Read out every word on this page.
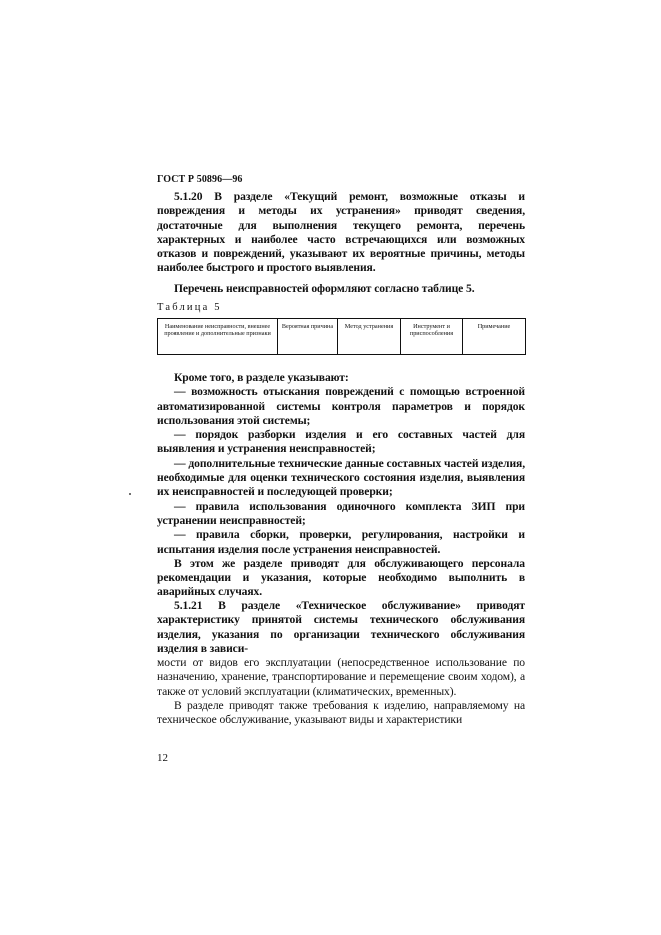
ГОСТ Р 50896—96

5.1.20 В разделе «Текущий ремонт, возможные отказы и повреждения и методы их устранения» приводят сведения, достаточные для выполнения текущего ремонта, перечень характерных и наиболее часто встречающихся или возможных отказов и повреждений, указывают их вероятные причины, методы наиболее быстрого и простого выявления.

Перечень неисправностей оформляют согласно таблице 5.

Таблица 5
Наименование неисправности, внешнее проявление и дополнительные признаки	Вероятная причина	Метод устранения	Инструмент и приспособления	Примечание

Кроме того, в разделе указывают:

— возможность отыскания повреждений с помощью встроенной автоматизированной системы контроля параметров и порядок использования этой системы;

— порядок разборки изделия и его составных частей для выявления и устранения неисправностей;

— дополнительные технические данные составных частей изделия, необходимые для оценки технического состояния изделия, выявления их неисправностей и последующей проверки;

— правила использования одиночного комплекта ЗИП при устранении неисправностей;

— правила сборки, проверки, регулирования, настройки и испытания изделия после устранения неисправностей.

В этом же разделе приводят для обслуживающего персонала рекомендации и указания, которые необходимо выполнить в аварийных случаях.

5.1.21 В разделе «Техническое обслуживание» приводят характеристику принятой системы технического обслуживания изделия, указания по организации технического обслуживания изделия в зависи-

мости от видов его эксплуатации (непосредственное использование по назначению, хранение, транспортирование и перемещение своим ходом), а также от условий эксплуатации (климатических, временных).

В разделе приводят также требования к изделию, направляемому на техническое обслуживание, указывают виды и характеристики

12
